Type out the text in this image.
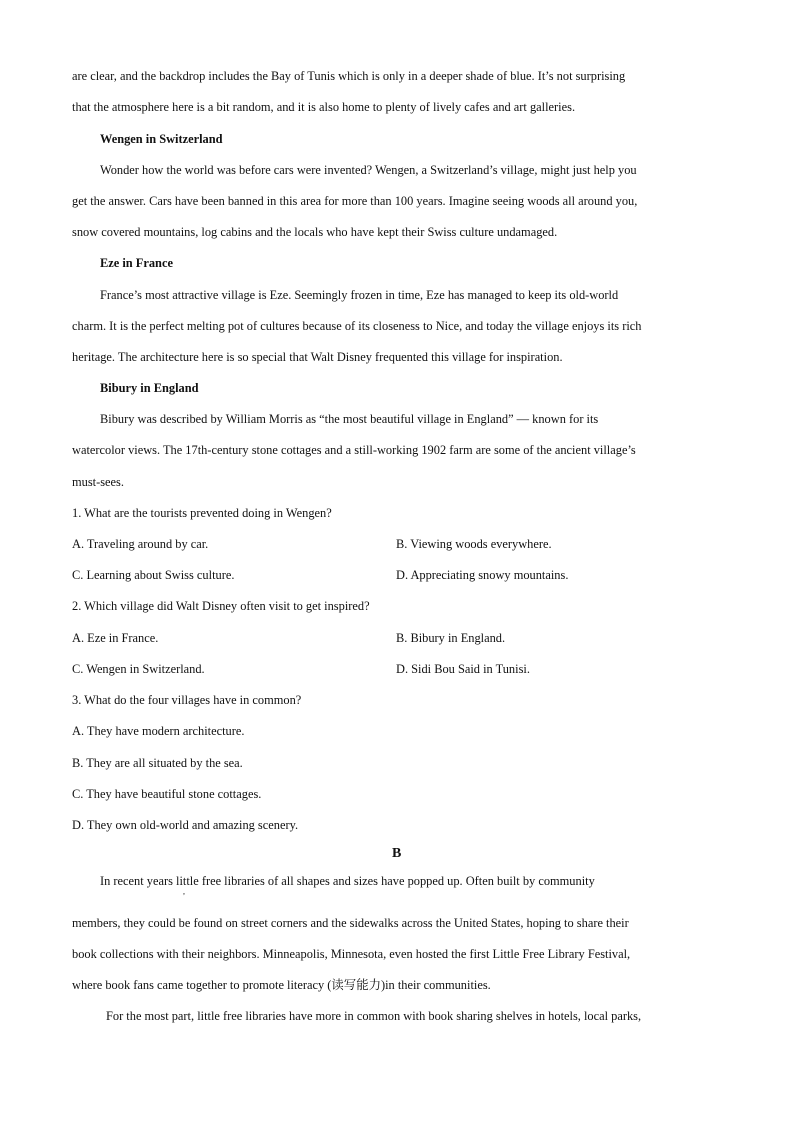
are clear, and the backdrop includes the Bay of Tunis which is only in a deeper shade of blue. It’s not surprising
that the atmosphere here is a bit random, and it is also home to plenty of lively cafes and art galleries.
Wengen in Switzerland
Wonder how the world was before cars were invented? Wengen, a Switzerland’s village, might just help you
get the answer. Cars have been banned in this area for more than 100 years. Imagine seeing woods all around you,
snow covered mountains, log cabins and the locals who have kept their Swiss culture undamaged.
Eze in France
France’s most attractive village is Eze. Seemingly frozen in time, Eze has managed to keep its old-world
charm. It is the perfect melting pot of cultures because of its closeness to Nice, and today the village enjoys its rich
heritage. The architecture here is so special that Walt Disney frequented this village for inspiration.
Bibury in England
Bibury was described by William Morris as “the most beautiful village in England” — known for its
watercolor views. The 17th-century stone cottages and a still-working 1902 farm are some of the ancient village’s
must-sees.
1. What are the tourists prevented doing in Wengen?
A. Traveling around by car.	B. Viewing woods everywhere.
C. Learning about Swiss culture.	D. Appreciating snowy mountains.
2. Which village did Walt Disney often visit to get inspired?
A. Eze in France.	B. Bibury in England.
C. Wengen in Switzerland.	D. Sidi Bou Said in Tunisi.
3. What do the four villages have in common?
A. They have modern architecture.
B. They are all situated by the sea.
C. They have beautiful stone cottages.
D. They own old-world and amazing scenery.
B
In recent years little free libraries of all shapes and sizes have popped up. Often built by community
,
members, they could be found on street corners and the sidewalks across the United States, hoping to share their
book collections with their neighbors. Minneapolis, Minnesota, even hosted the first Little Free Library Festival,
where book fans came together to promote literacy (读写能力)in their communities.
For the most part, little free libraries have more in common with book sharing shelves in hotels, local parks,
